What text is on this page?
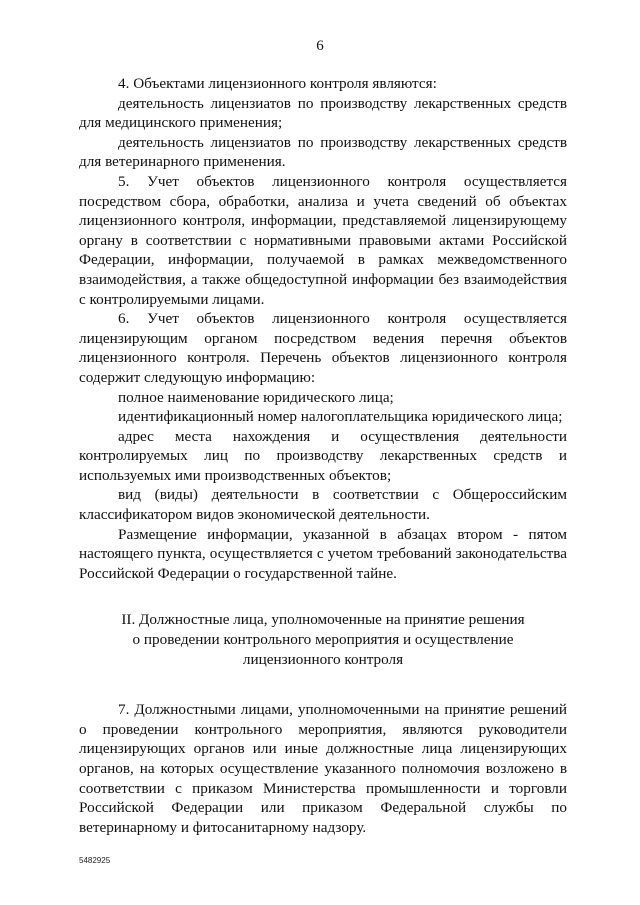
6

4. Объектами лицензионного контроля являются:

деятельность лицензиатов по производству лекарственных средств для медицинского применения;

деятельность лицензиатов по производству лекарственных средств для ветеринарного применения.

5. Учет объектов лицензионного контроля осуществляется посредством сбора, обработки, анализа и учета сведений об объектах лицензионного контроля, информации, представляемой лицензирующему органу в соответствии с нормативными правовыми актами Российской Федерации, информации, получаемой в рамках межведомственного взаимодействия, а также общедоступной информации без взаимодействия с контролируемыми лицами.

6. Учет объектов лицензионного контроля осуществляется лицензирующим органом посредством ведения перечня объектов лицензионного контроля. Перечень объектов лицензионного контроля содержит следующую информацию:

полное наименование юридического лица;

идентификационный номер налогоплательщика юридического лица;

адрес места нахождения и осуществления деятельности контролируемых лиц по производству лекарственных средств и используемых ими производственных объектов;

вид (виды) деятельности в соответствии с Общероссийским классификатором видов экономической деятельности.

Размещение информации, указанной в абзацах втором - пятом настоящего пункта, осуществляется с учетом требований законодательства Российской Федерации о государственной тайне.

II. Должностные лица, уполномоченные на принятие решения
о проведении контрольного мероприятия и осуществление
лицензионного контроля

7. Должностными лицами, уполномоченными на принятие решений о проведении контрольного мероприятия, являются руководители лицензирующих органов или иные должностные лица лицензирующих органов, на которых осуществление указанного полномочия возложено в соответствии с приказом Министерства промышленности и торговли Российской Федерации или приказом Федеральной службы по ветеринарному и фитосанитарному надзору.

5482925
